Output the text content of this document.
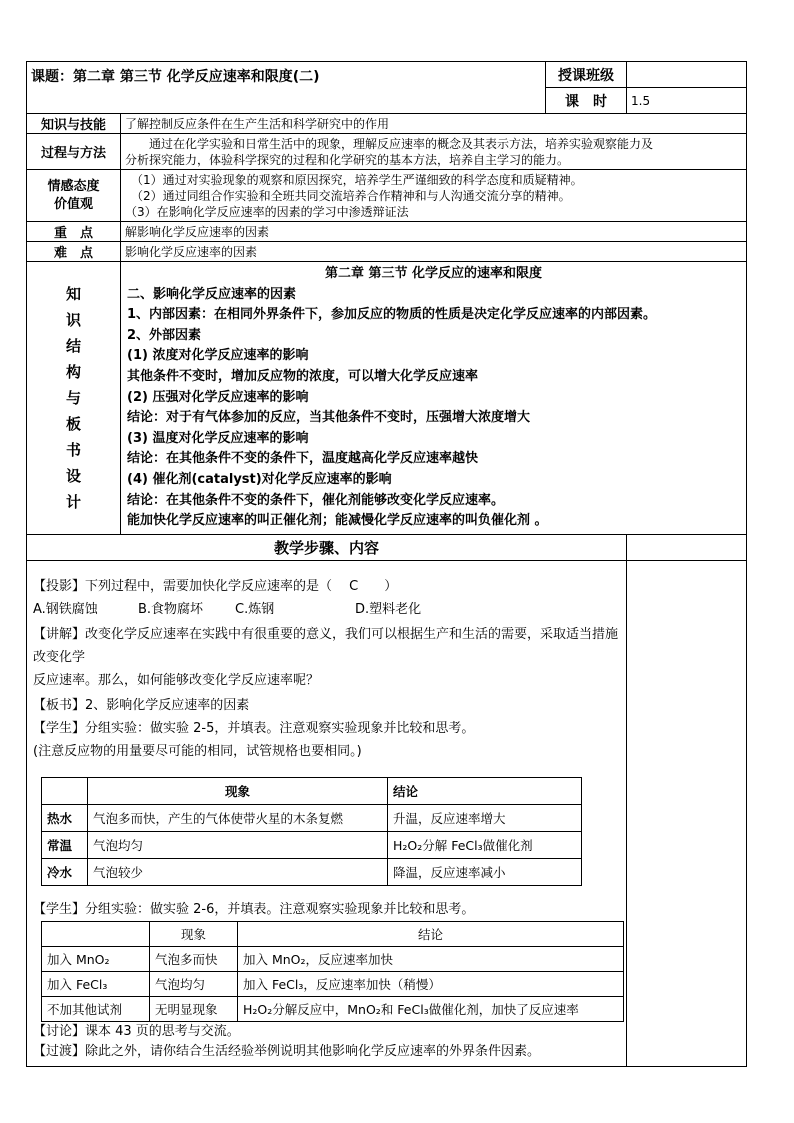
课题：第二章 第三节 化学反应速率和限度(二)	授课班级	
课　时	1.5
知识与技能	了解控制反应条件在生产生活和科学研究中的作用
过程与方法	
　　通过在化学实验和日常生活中的现象，理解反应速率的概念及其表示方法，培养实验观察能力及
分析探究能力，体验科学探究的过程和化学研究的基本方法，培养自主学习的能力。

情感态度
价值观

　（1）通过对实验现象的观察和原因探究，培养学生严谨细致的科学态度和质疑精神。
　（2）通过同组合作实验和全班共同交流培养合作精神和与人沟通交流分享的精神。
（3）在影响化学反应速率的因素的学习中渗透辩证法

重　点	解影响化学反应速率的因素
难　点	影响化学反应速率的因素

知
识
结
构
与
板
书
设
计

第二章 第三节 化学反应的速率和限度
二、影响化学反应速率的因素
1、内部因素：在相同外界条件下，参加反应的物质的性质是决定化学反应速率的内部因素。
2、外部因素
(1) 浓度对化学反应速率的影响
其他条件不变时，增加反应物的浓度，可以增大化学反应速率
(2) 压强对化学反应速率的影响
结论：对于有气体参加的反应，当其他条件不变时，压强增大浓度增大
(3) 温度对化学反应速率的影响
结论：在其他条件不变的条件下，温度越高化学反应速率越快
(4) 催化剂(catalyst)对化学反应速率的影响
结论：在其他条件不变的条件下，催化剂能够改变化学反应速率。
能加快化学反应速率的叫正催化剂；能减慢化学反应速率的叫负催化剂 。

教学步骤、内容	

【投影】下列过程中，需要加快化学反应速率的是（　 C　　）

A.钢铁腐蚀	B.食物腐坏 C.炼钢	D.塑料老化

【讲解】改变化学反应速率在实践中有很重要的意义，我们可以根据生产和生活的需要，采取适当措施改变化学

反应速率。那么，如何能够改变化学反应速率呢？

【板书】2、影响化学反应速率的因素

【学生】分组实验：做实验 2-5，并填表。注意观察实验现象并比较和思考。

(注意反应物的用量要尽可能的相同，试管规格也要相同。)

	现象	结论
热水	气泡多而快，产生的气体使带火星的木条复燃	升温，反应速率增大
常温	气泡均匀	H₂O₂分解 FeCl₃做催化剂
冷水	气泡较少	降温，反应速率减小

【学生】分组实验：做实验 2-6，并填表。注意观察实验现象并比较和思考。

	现象	结论
加入 MnO₂	气泡多而快	加入 MnO₂，反应速率加快
加入 FeCl₃	气泡均匀	加入 FeCl₃，反应速率加快（稍慢）
不加其他试剂	无明显现象	H₂O₂分解反应中，MnO₂和 FeCl₃做催化剂，加快了反应速率

【讨论】课本 43 页的思考与交流。

【过渡】除此之外，请你结合生活经验举例说明其他影响化学反应速率的外界条件因素。
